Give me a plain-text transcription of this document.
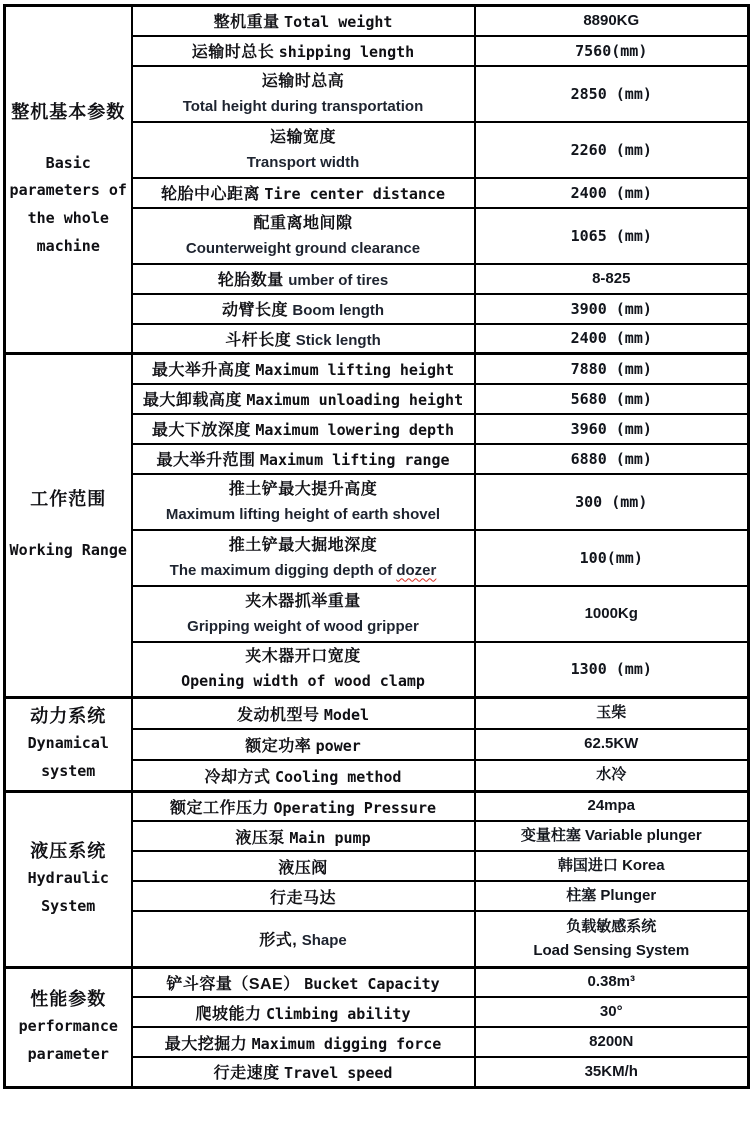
整机基本参数
Basic
parameters of
the whole
machine	整机重量 Total weight	8890KG

	运输时总长 shipping length	7560(mm)

	运输时总高
Total height during transportation	2850 (mm)

	运输宽度
Transport width	2260 (mm)

	轮胎中心距离 Tire center distance	2400 (mm)

	配重离地间隙
Counterweight ground clearance	1065 (mm)

	轮胎数量 umber of tires	8-825

	动臂长度 Boom length	3900 (mm)

	斗杆长度 Stick length	2400 (mm)

工作范围
Working Range	最大举升高度 Maximum lifting height	7880 (mm)

	最大卸载高度 Maximum unloading height	5680 (mm)

	最大下放深度 Maximum lowering depth	3960 (mm)

	最大举升范围 Maximum lifting range	6880 (mm)

	推土铲最大提升高度
Maximum lifting height of earth shovel	300 (mm)

	推土铲最大掘地深度
The maximum digging depth of dozer	100(mm)

	夹木器抓举重量
Gripping weight of wood gripper	1000Kg

	夹木器开口宽度
Opening width of wood clamp	1300 (mm)

动力系统
Dynamical
system	发动机型号 Model	玉柴

	额定功率 power	62.5KW

	冷却方式 Cooling method	水冷

液压系统
Hydraulic
System	额定工作压力 Operating Pressure	24mpa

	液压泵 Main pump	变量柱塞 Variable plunger

	液压阀	韩国进口 Korea

	行走马达	柱塞 Plunger

	形式, Shape	负载敏感系统
Load Sensing System

性能参数
performance
parameter	铲斗容量（SAE） Bucket Capacity	0.38m³

	爬坡能力 Climbing ability	30°

	最大挖掘力 Maximum digging force	8200N

	行走速度 Travel speed	35KM/h
